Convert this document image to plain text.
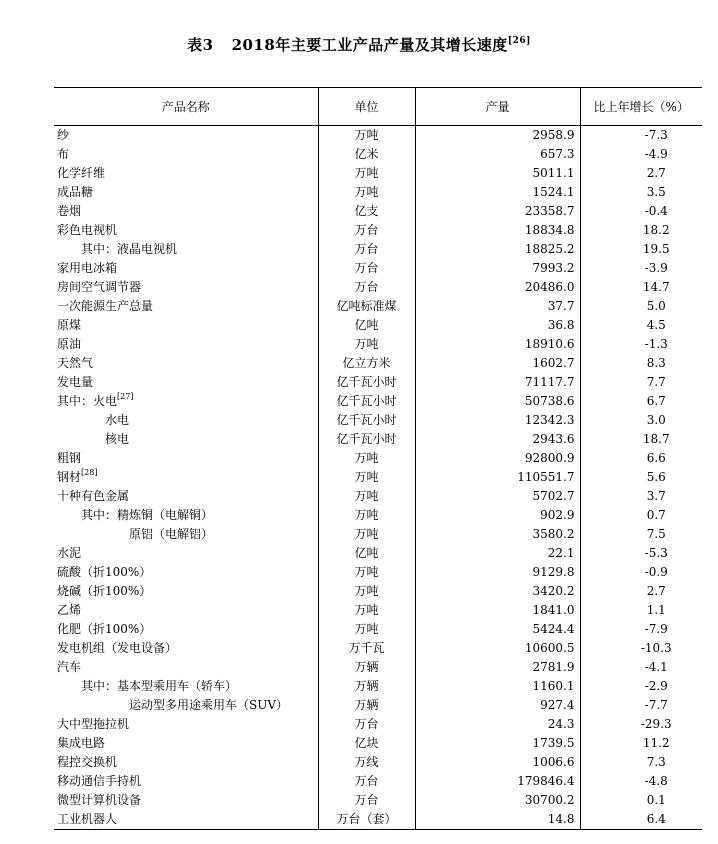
表3 2018年主要工业产品产量及其增长速度[26]
产品名称	单位	产量	比上年增长（%）
纱	万吨	2958.9	-7.3
布	亿米	657.3	-4.9
化学纤维	万吨	5011.1	2.7
成品糖	万吨	1524.1	3.5
卷烟	亿支	23358.7	-0.4
彩色电视机	万台	18834.8	18.2
　　其中：液晶电视机	万台	18825.2	19.5
家用电冰箱	万台	7993.2	-3.9
房间空气调节器	万台	20486.0	14.7
一次能源生产总量	亿吨标准煤	37.7	5.0
原煤	亿吨	36.8	4.5
原油	万吨	18910.6	-1.3
天然气	亿立方米	1602.7	8.3
发电量	亿千瓦小时	71117.7	7.7
其中：火电[27]	亿千瓦小时	50738.6	6.7
　　　　水电	亿千瓦小时	12342.3	3.0
　　　　核电	亿千瓦小时	2943.6	18.7
粗钢	万吨	92800.9	6.6
钢材[28]	万吨	110551.7	5.6
十种有色金属	万吨	5702.7	3.7
　　其中：精炼铜（电解铜）	万吨	902.9	0.7
　　　　　　原铝（电解铝）	万吨	3580.2	7.5
水泥	亿吨	22.1	-5.3
硫酸（折100%）	万吨	9129.8	-0.9
烧碱（折100%）	万吨	3420.2	2.7
乙烯	万吨	1841.0	1.1
化肥（折100%）	万吨	5424.4	-7.9
发电机组（发电设备）	万千瓦	10600.5	-10.3
汽车	万辆	2781.9	-4.1
　　其中：基本型乘用车（轿车）	万辆	1160.1	-2.9
　　　　　　运动型多用途乘用车（SUV）	万辆	927.4	-7.7
大中型拖拉机	万台	24.3	-29.3
集成电路	亿块	1739.5	11.2
程控交换机	万线	1006.6	7.3
移动通信手持机	万台	179846.4	-4.8
微型计算机设备	万台	30700.2	0.1
工业机器人	万台（套）	14.8	6.4
